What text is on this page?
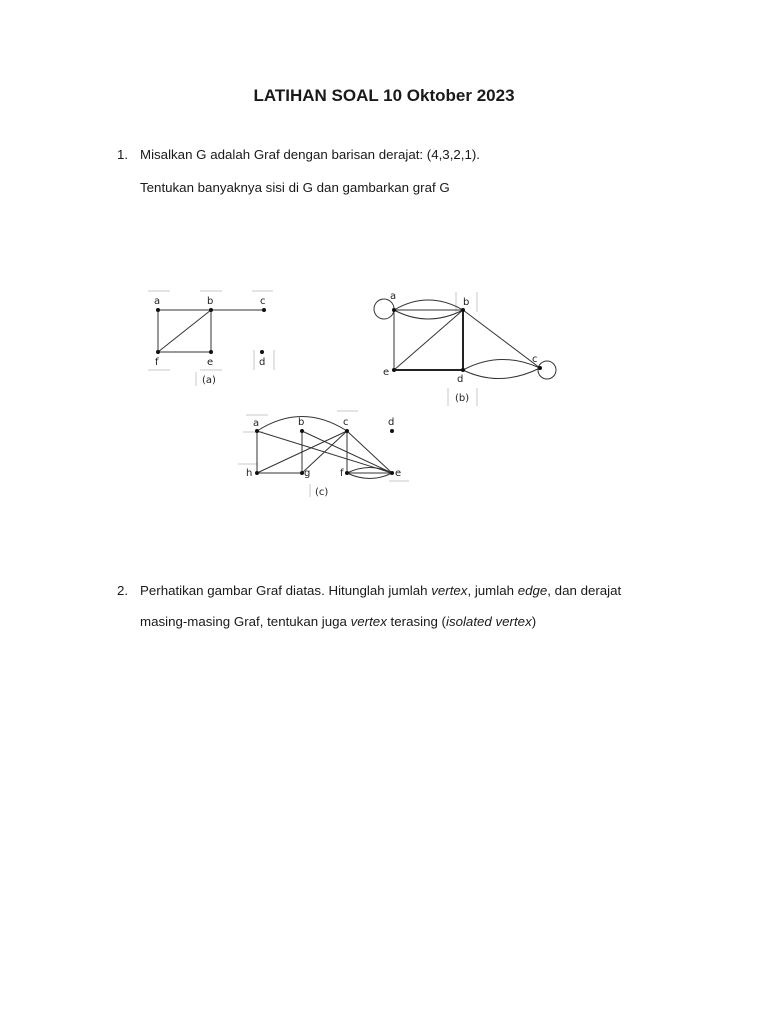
LATIHAN SOAL 10 Oktober 2023
1. Misalkan G adalah Graf dengan barisan derajat: (4,3,2,1).
Tentukan banyaknya sisi di G dan gambarkan graf G
a	b	c
d
e
f
(a)
a
b
c
d
e
(b)
a	b	c	d
e
f
g
h
(c)
2. Perhatikan gambar Graf diatas. Hitunglah jumlah vertex, jumlah edge, dan derajat
masing-masing Graf, tentukan juga vertex terasing (isolated vertex)
